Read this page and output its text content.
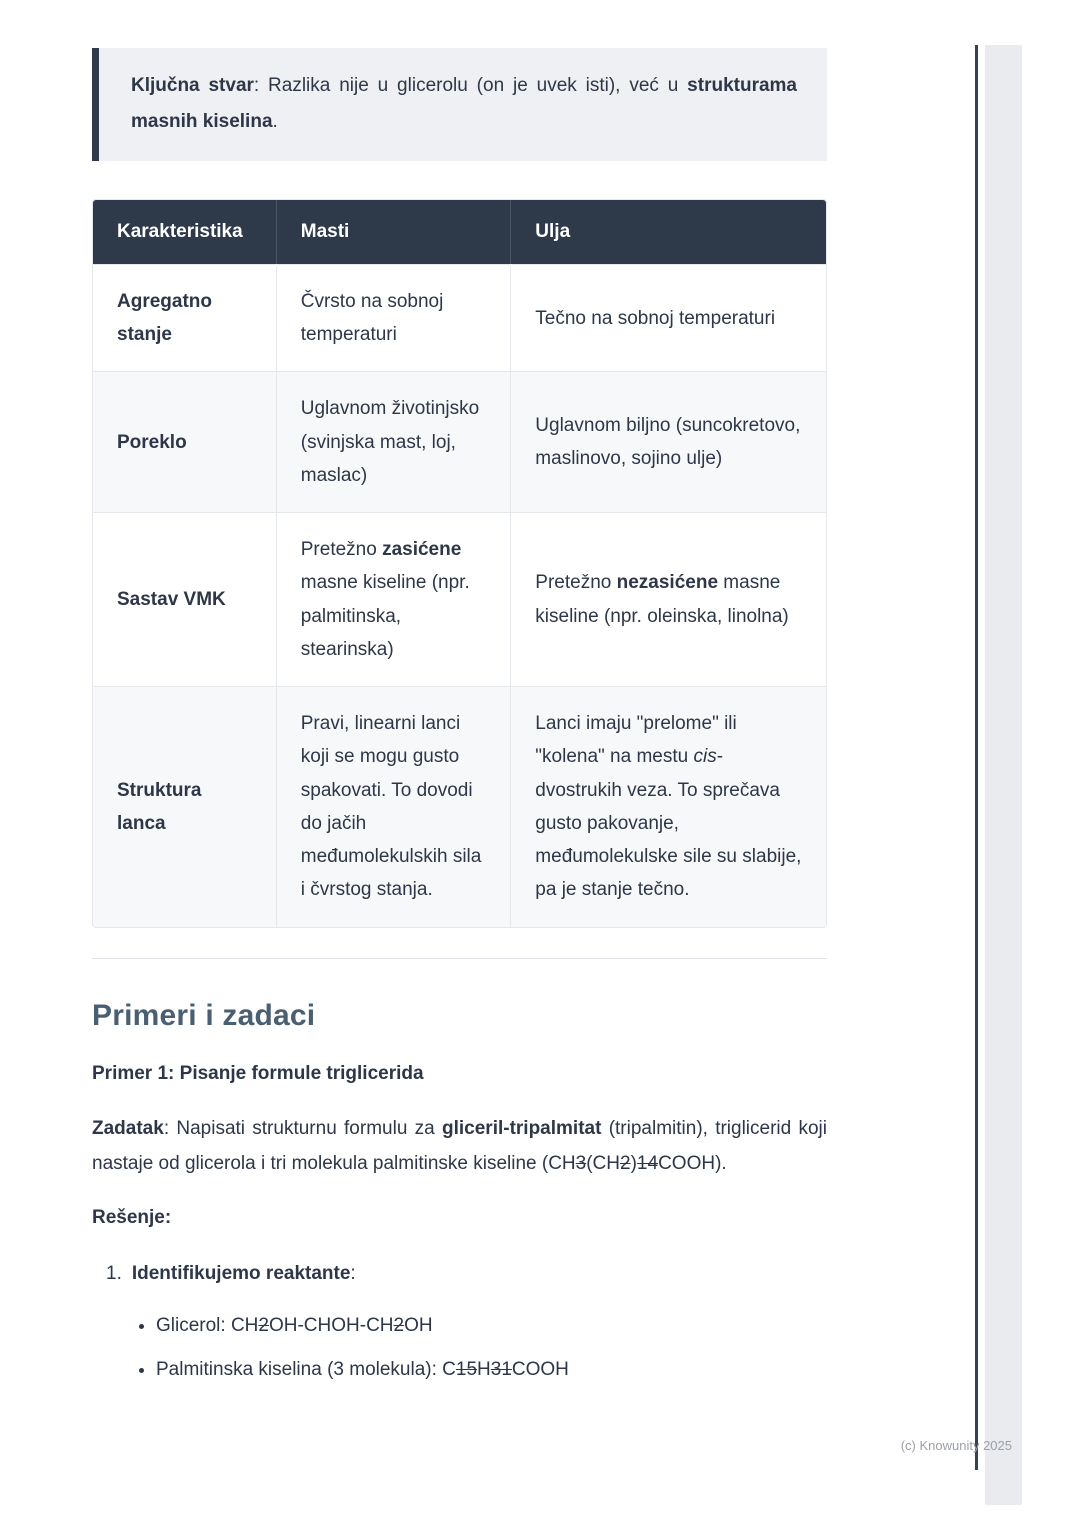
Ključna stvar: Razlika nije u glicerolu (on je uvek isti), već u strukturama masnih kiselina.

Karakteristika	Masti	Ulja
Agregatno stanje	Čvrsto na sobnoj temperaturi	Tečno na sobnoj temperaturi
Poreklo	Uglavnom životinjsko (svinjska mast, loj, maslac)	Uglavnom biljno (suncokretovo, maslinovo, sojino ulje)
Sastav VMK	Pretežno zasićene masne kiseline (npr. palmitinska, stearinska)	Pretežno nezasićene masne kiseline (npr. oleinska, linolna)
Struktura lanca	Pravi, linearni lanci koji se mogu gusto spakovati. To dovodi do jačih međumolekulskih sila i čvrstog stanja.	Lanci imaju "prelome" ili "kolena" na mestu cis-dvostrukih veza. To sprečava gusto pakovanje, međumolekulske sile su slabije, pa je stanje tečno.
Primeri i zadaci
Primer 1: Pisanje formule triglicerida

Zadatak: Napisati strukturnu formulu za gliceril-tripalmitat (tripalmitin), triglicerid koji nastaje od glicerola i tri molekula palmitinske kiseline (CH3(CH2)14COOH).

Rešenje:

1. Identifikujemo reaktante:
• Glicerol: CH2OH-CHOH-CH2OH
• Palmitinska kiselina (3 molekula): C15H31COOH
(c) Knowunity 2025
